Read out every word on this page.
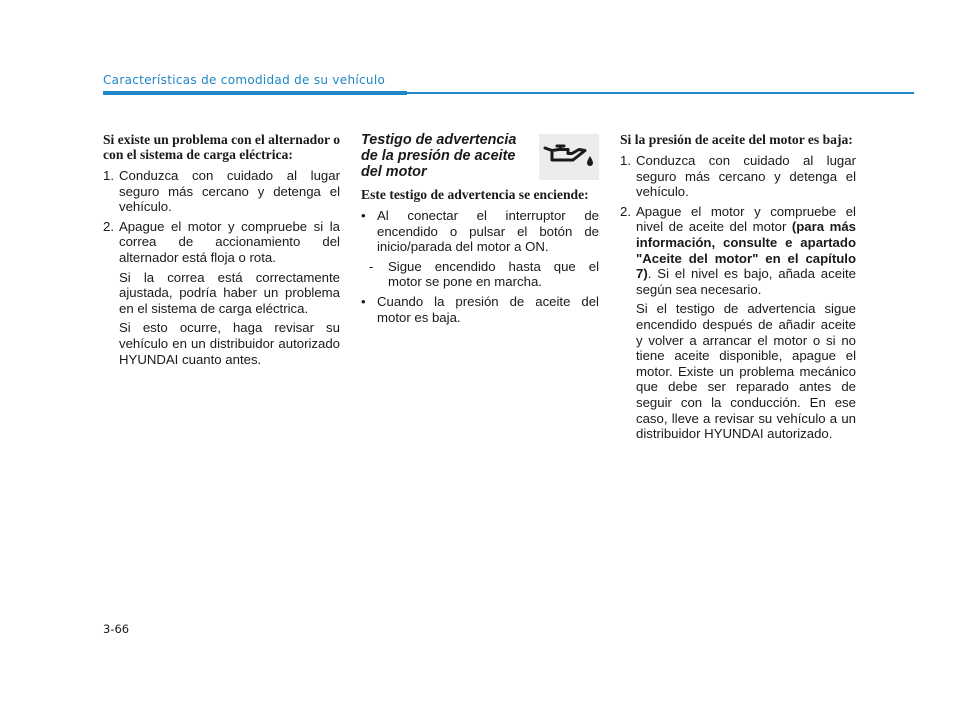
Características de comodidad de su vehículo

Si existe un problema con el alternador o con el sistema de carga eléctrica:

1. Conduzca con cuidado al lugar seguro más cercano y detenga el vehículo.
2. Apague el motor y compruebe si la correa de accionamiento del alternador está floja o rota.

Si la correa está correctamente ajustada, podría haber un problema en el sistema de carga eléctrica.

Si esto ocurre, haga revisar su vehículo en un distribuidor autorizado HYUNDAI cuanto antes.

Testigo de advertencia de la presión de aceite del motor

Este testigo de advertencia se enciende:

• Al conectar el interruptor de encendido o pulsar el botón de inicio/parada del motor a ON.
- Sigue encendido hasta que el motor se pone en marcha.
• Cuando la presión de aceite del motor es baja.

Si la presión de aceite del motor es baja:

1. Conduzca con cuidado al lugar seguro más cercano y detenga el vehículo.
2. Apague el motor y compruebe el nivel de aceite del motor (para más información, consulte e apartado "Aceite del motor" en el capítulo 7). Si el nivel es bajo, añada aceite según sea necesario.

Si el testigo de advertencia sigue encendido después de añadir aceite y volver a arrancar el motor o si no tiene aceite disponible, apague el motor. Existe un problema mecánico que debe ser reparado antes de seguir con la conducción. En ese caso, lleve a revisar su vehículo a un distribuidor HYUNDAI autorizado.

3-66
